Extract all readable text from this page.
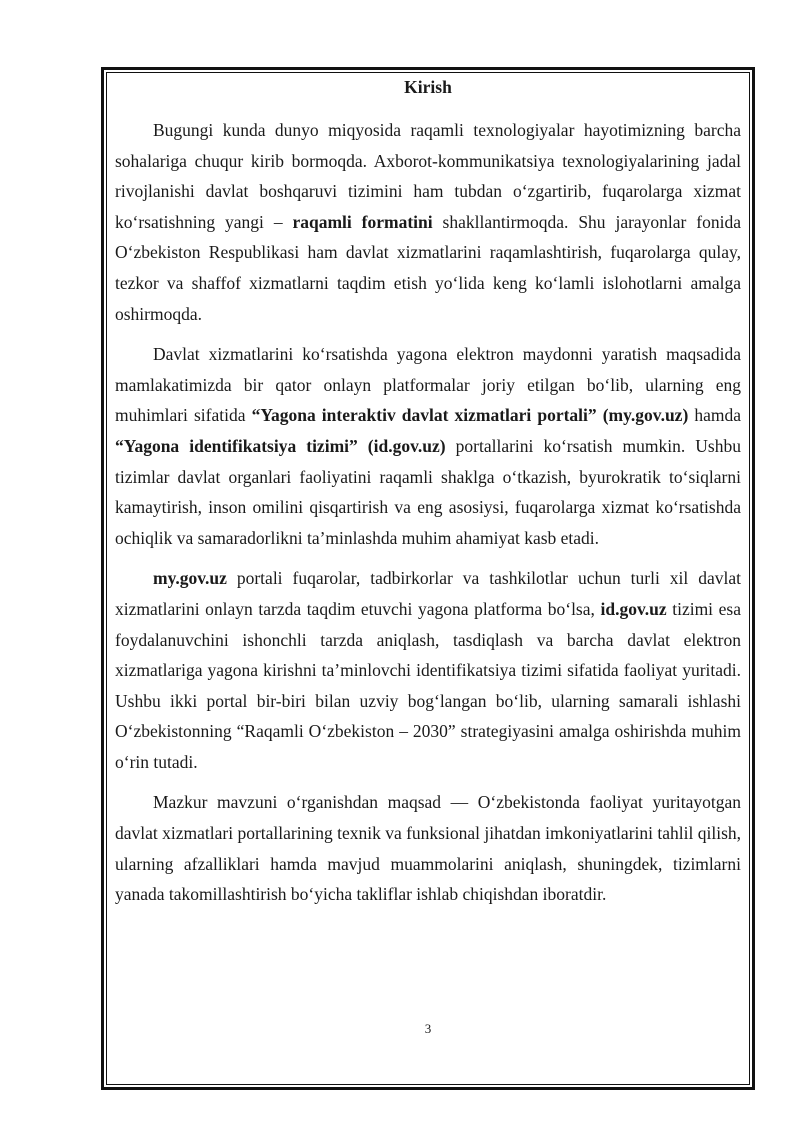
Kirish

Bugungi kunda dunyo miqyosida raqamli texnologiyalar hayotimizning barcha sohalariga chuqur kirib bormoqda. Axborot-kommunikatsiya texnologiyalarining jadal rivojlanishi davlat boshqaruvi tizimini ham tubdan o‘zgartirib, fuqarolarga xizmat ko‘rsatishning yangi – raqamli formatini shakllantirmoqda. Shu jarayonlar fonida O‘zbekiston Respublikasi ham davlat xizmatlarini raqamlashtirish, fuqarolarga qulay, tezkor va shaffof xizmatlarni taqdim etish yo‘lida keng ko‘lamli islohotlarni amalga oshirmoqda.

Davlat xizmatlarini ko‘rsatishda yagona elektron maydonni yaratish maqsadida mamlakatimizda bir qator onlayn platformalar joriy etilgan bo‘lib, ularning eng muhimlari sifatida “Yagona interaktiv davlat xizmatlari portali” (my.gov.uz) hamda “Yagona identifikatsiya tizimi” (id.gov.uz) portallarini ko‘rsatish mumkin. Ushbu tizimlar davlat organlari faoliyatini raqamli shaklga o‘tkazish, byurokratik to‘siqlarni kamaytirish, inson omilini qisqartirish va eng asosiysi, fuqarolarga xizmat ko‘rsatishda ochiqlik va samaradorlikni ta’minlashda muhim ahamiyat kasb etadi.

my.gov.uz portali fuqarolar, tadbirkorlar va tashkilotlar uchun turli xil davlat xizmatlarini onlayn tarzda taqdim etuvchi yagona platforma bo‘lsa, id.gov.uz tizimi esa foydalanuvchini ishonchli tarzda aniqlash, tasdiqlash va barcha davlat elektron xizmatlariga yagona kirishni ta’minlovchi identifikatsiya tizimi sifatida faoliyat yuritadi. Ushbu ikki portal bir-biri bilan uzviy bog‘langan bo‘lib, ularning samarali ishlashi O‘zbekistonning “Raqamli O‘zbekiston – 2030” strategiyasini amalga oshirishda muhim o‘rin tutadi.

Mazkur mavzuni o‘rganishdan maqsad — O‘zbekistonda faoliyat yuritayotgan davlat xizmatlari portallarining texnik va funksional jihatdan imkoniyatlarini tahlil qilish, ularning afzalliklari hamda mavjud muammolarini aniqlash, shuningdek, tizimlarni yanada takomillashtirish bo‘yicha takliflar ishlab chiqishdan iboratdir.

3
